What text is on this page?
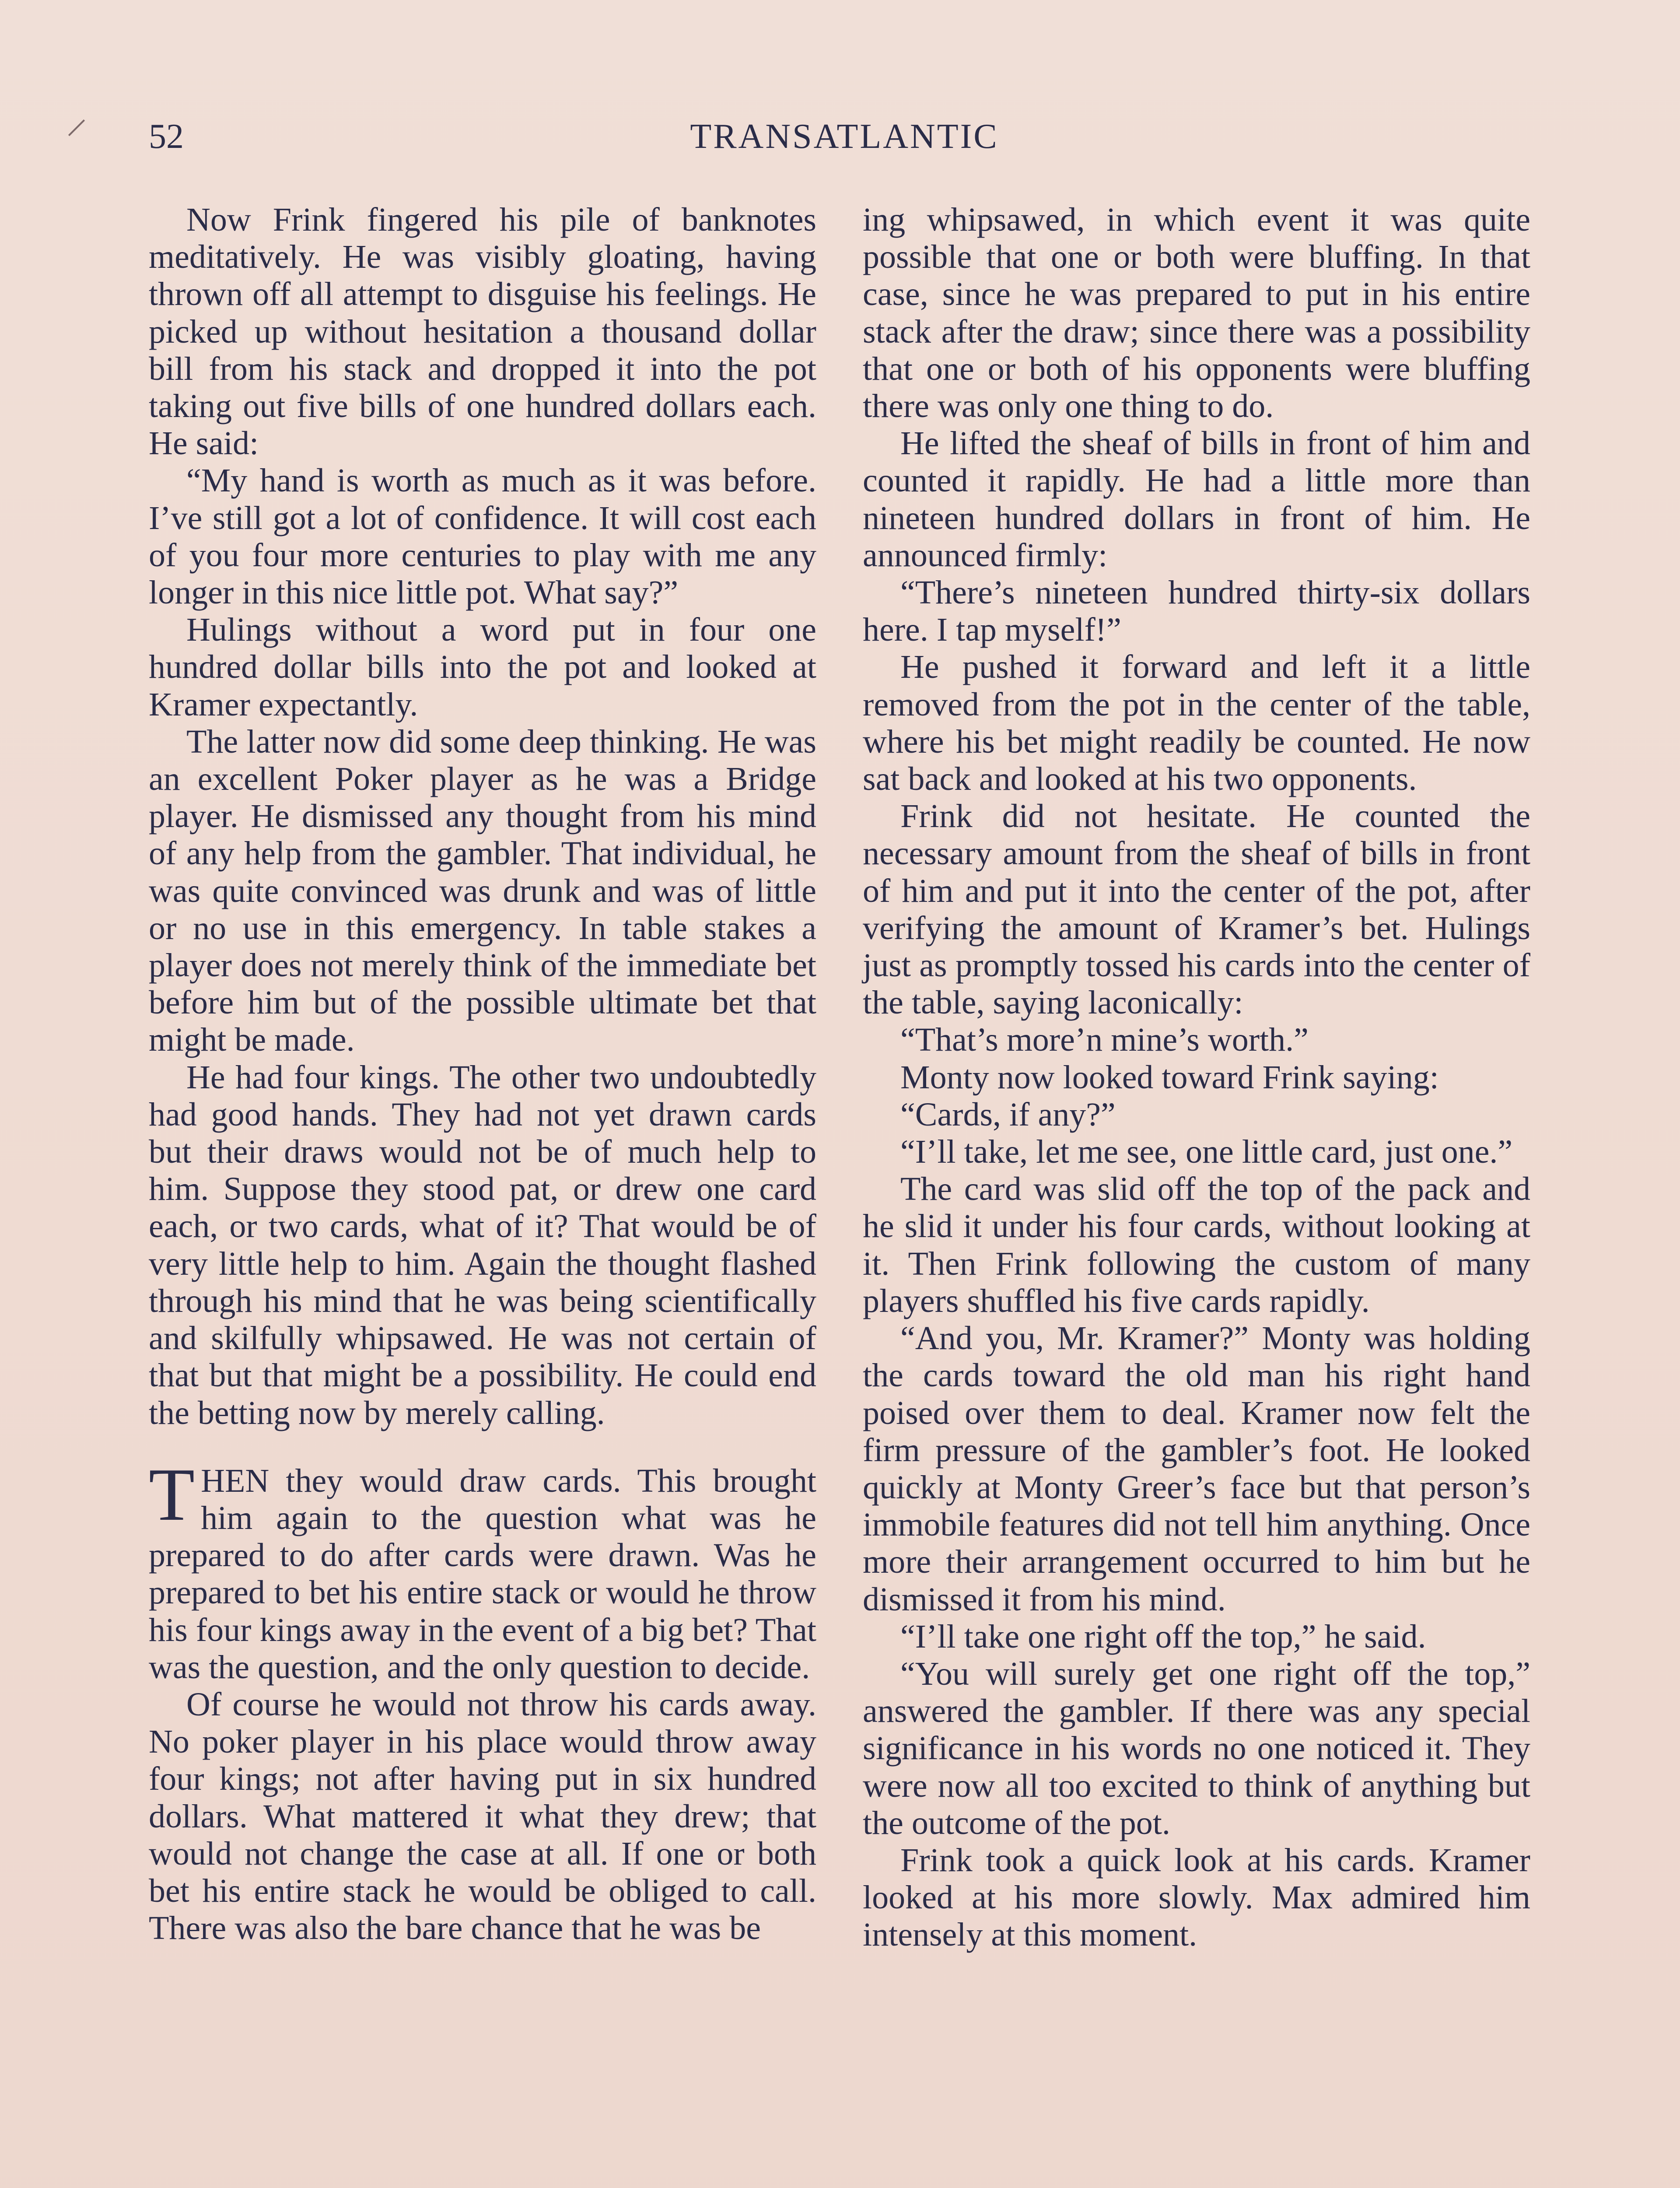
52	TRANSATLANTIC

Now Frink fingered his pile of banknotes meditatively. He was visibly gloating, having thrown off all attempt to disguise his feelings. He picked up without hesitation a thousand dollar bill from his stack and dropped it into the pot taking out five bills of one hundred dollars each. He said:

“My hand is worth as much as it was before. I’ve still got a lot of confidence. It will cost each of you four more centuries to play with me any longer in this nice little pot. What say?”

Hulings without a word put in four one hundred dollar bills into the pot and looked at Kramer expectantly.

The latter now did some deep thinking. He was an excellent Poker player as he was a Bridge player. He dismissed any thought from his mind of any help from the gambler. That individual, he was quite convinced was drunk and was of little or no use in this emergency. In table stakes a player does not merely think of the immediate bet before him but of the possible ultimate bet that might be made.

He had four kings. The other two undoubtedly had good hands. They had not yet drawn cards but their draws would not be of much help to him. Suppose they stood pat, or drew one card each, or two cards, what of it? That would be of very little help to him. Again the thought flashed through his mind that he was being scientifically and skilfully whipsawed. He was not certain of that but that might be a possibility. He could end the betting now by merely calling.

THEN they would draw cards. This brought him again to the question what was he prepared to do after cards were drawn. Was he prepared to bet his entire stack or would he throw his four kings away in the event of a big bet? That was the question, and the only question to decide.

Of course he would not throw his cards away. No poker player in his place would throw away four kings; not after having put in six hundred dollars. What mattered it what they drew; that would not change the case at all. If one or both bet his entire stack he would be obliged to call. There was also the bare chance that he was be

ing whipsawed, in which event it was quite possible that one or both were bluffing. In that case, since he was prepared to put in his entire stack after the draw; since there was a possibility that one or both of his opponents were bluffing there was only one thing to do.

He lifted the sheaf of bills in front of him and counted it rapidly. He had a little more than nineteen hundred dollars in front of him. He announced firmly:

“There’s nineteen hundred thirty-six dollars here. I tap myself!”

He pushed it forward and left it a little removed from the pot in the center of the table, where his bet might readily be counted. He now sat back and looked at his two opponents.

Frink did not hesitate. He counted the necessary amount from the sheaf of bills in front of him and put it into the center of the pot, after verifying the amount of Kramer’s bet. Hulings just as promptly tossed his cards into the center of the table, saying laconically:

“That’s more’n mine’s worth.”

Monty now looked toward Frink saying:

“Cards, if any?”

“I’ll take, let me see, one little card, just one.”

The card was slid off the top of the pack and he slid it under his four cards, without looking at it. Then Frink following the custom of many players shuffled his five cards rapidly.

“And you, Mr. Kramer?” Monty was holding the cards toward the old man his right hand poised over them to deal. Kramer now felt the firm pressure of the gambler’s foot. He looked quickly at Monty Greer’s face but that person’s immobile features did not tell him anything. Once more their arrangement occurred to him but he dismissed it from his mind.

“I’ll take one right off the top,” he said.

“You will surely get one right off the top,” answered the gambler. If there was any special significance in his words no one noticed it. They were now all too excited to think of anything but the outcome of the pot.

Frink took a quick look at his cards. Kramer looked at his more slowly. Max admired him intensely at this moment.
